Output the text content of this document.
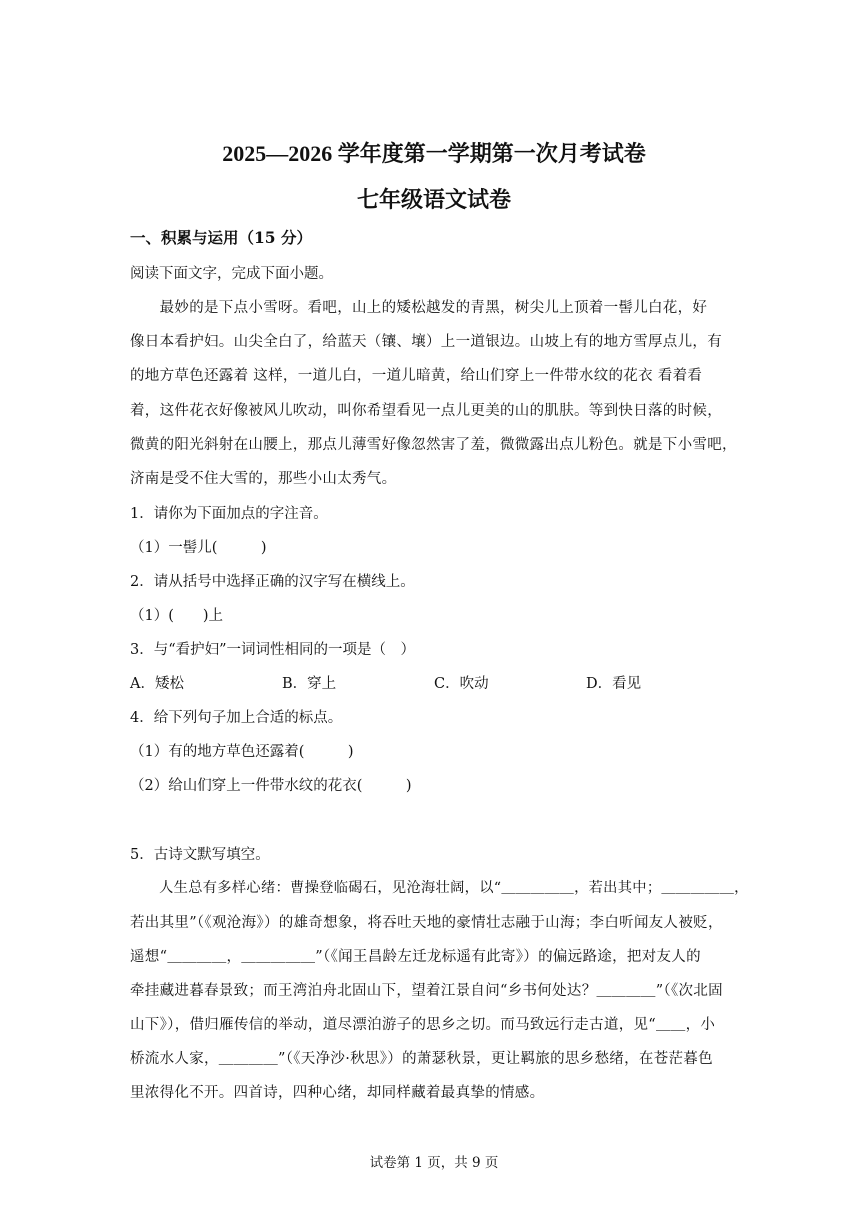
2025—2026 学年度第一学期第一次月考试卷
七年级语文试卷
一、积累与运用（15 分）
阅读下面文字，完成下面小题。
　　最妙的是下点小雪呀。看吧，山上的矮松越发的青黑，树尖儿上顶着一髻儿白花，好
像日本看护妇。山尖全白了，给蓝天（镶、壤）上一道银边。山坡上有的地方雪厚点儿，有
的地方草色还露着 这样，一道儿白，一道儿暗黄，给山们穿上一件带水纹的花衣 看着看
着，这件花衣好像被风儿吹动，叫你希望看见一点儿更美的山的肌肤。等到快日落的时候，
微黄的阳光斜射在山腰上，那点儿薄雪好像忽然害了羞，微微露出点儿粉色。就是下小雪吧，
济南是受不住大雪的，那些小山太秀气。
1．请你为下面加点的字注音。
（1）一髻儿(　　　)
2．请从括号中选择正确的汉字写在横线上。
（1）(　　)上
3．与“看护妇”一词词性相同的一项是（　）
A．矮松	B．穿上	C．吹动	D．看见
4．给下列句子加上合适的标点。
（1）有的地方草色还露着(　　　)
（2）给山们穿上一件带水纹的花衣(　　　)
5．古诗文默写填空。
　　人生总有多样心绪：曹操登临碣石，见沧海壮阔，以“＿＿＿＿＿，若出其中；＿＿＿＿＿，
若出其里”（《观沧海》）的雄奇想象，将吞吐天地的豪情壮志融于山海；李白听闻友人被贬，
遥想“＿＿＿＿，＿＿＿＿＿”（《闻王昌龄左迁龙标遥有此寄》）的偏远路途，把对友人的
牵挂藏进暮春景致；而王湾泊舟北固山下，望着江景自问“乡书何处达？＿＿＿＿”（《次北固
山下》），借归雁传信的举动，道尽漂泊游子的思乡之切。而马致远行走古道，见“＿＿，小
桥流水人家，＿＿＿＿”（《天净沙·秋思》）的萧瑟秋景，更让羁旅的思乡愁绪，在苍茫暮色
里浓得化不开。四首诗，四种心绪，却同样藏着最真挚的情感。
试卷第 1 页，共 9 页
